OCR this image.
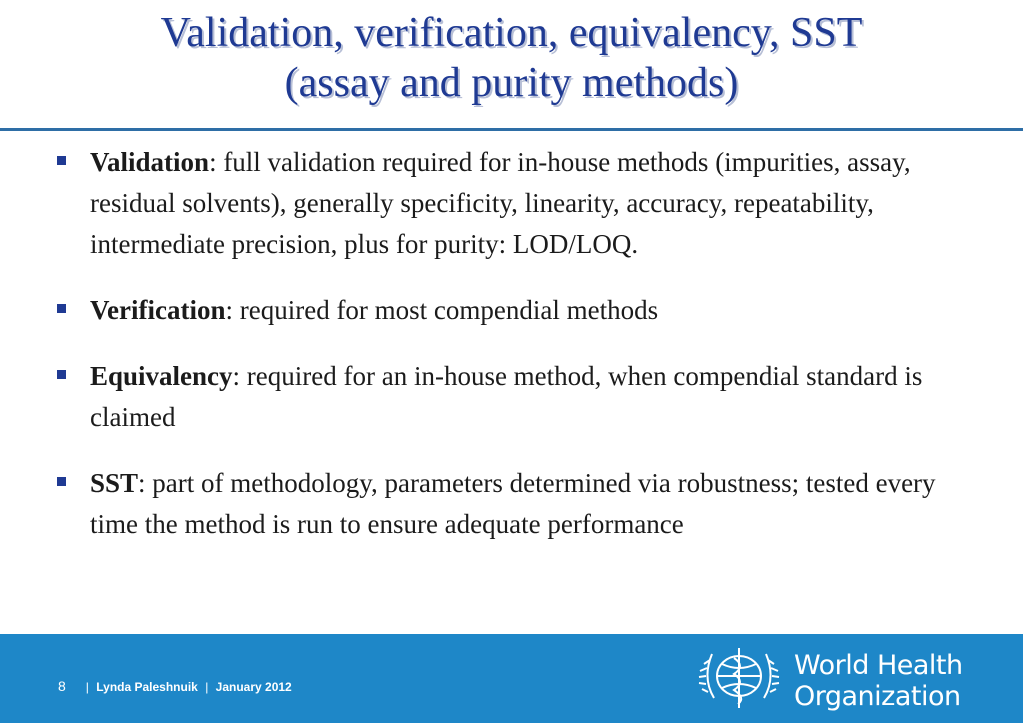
Validation, verification, equivalency, SST
(assay and purity methods)
Validation: full validation required for in-house methods (impurities, assay, residual solvents), generally specificity, linearity, accuracy, repeatability, intermediate precision, plus for purity: LOD/LOQ.
Verification: required for most compendial methods
Equivalency: required for an in-house method, when compendial standard is claimed
SST: part of methodology, parameters determined via robustness; tested every time the method is run to ensure adequate performance
8 | Lynda Paleshnuik | January 2012
World Health
Organization
